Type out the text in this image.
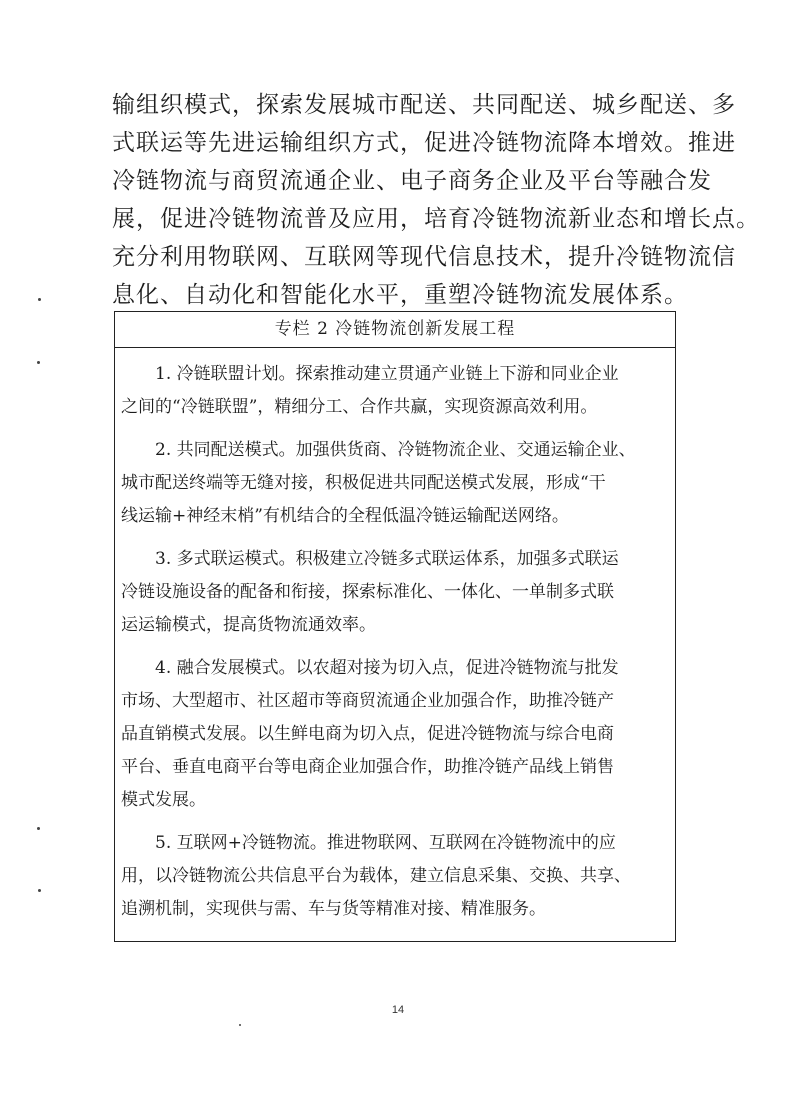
输组织模式，探索发展城市配送、共同配送、城乡配送、多
式联运等先进运输组织方式，促进冷链物流降本增效。推进
冷链物流与商贸流通企业、电子商务企业及平台等融合发
展，促进冷链物流普及应用，培育冷链物流新业态和增长点。
充分利用物联网、互联网等现代信息技术，提升冷链物流信
息化、自动化和智能化水平，重塑冷链物流发展体系。
专栏 2 冷链物流创新发展工程
　　1. 冷链联盟计划。探索推动建立贯通产业链上下游和同业企业
之间的“冷链联盟”，精细分工、合作共赢，实现资源高效利用。
　　2. 共同配送模式。加强供货商、冷链物流企业、交通运输企业、
城市配送终端等无缝对接，积极促进共同配送模式发展，形成“干
线运输+神经末梢”有机结合的全程低温冷链运输配送网络。
　　3. 多式联运模式。积极建立冷链多式联运体系，加强多式联运
冷链设施设备的配备和衔接，探索标准化、一体化、一单制多式联
运运输模式，提高货物流通效率。
　　4. 融合发展模式。以农超对接为切入点，促进冷链物流与批发
市场、大型超市、社区超市等商贸流通企业加强合作，助推冷链产
品直销模式发展。以生鲜电商为切入点，促进冷链物流与综合电商
平台、垂直电商平台等电商企业加强合作，助推冷链产品线上销售
模式发展。
　　5. 互联网+冷链物流。推进物联网、互联网在冷链物流中的应
用，以冷链物流公共信息平台为载体，建立信息采集、交换、共享、
追溯机制，实现供与需、车与货等精准对接、精准服务。
14
